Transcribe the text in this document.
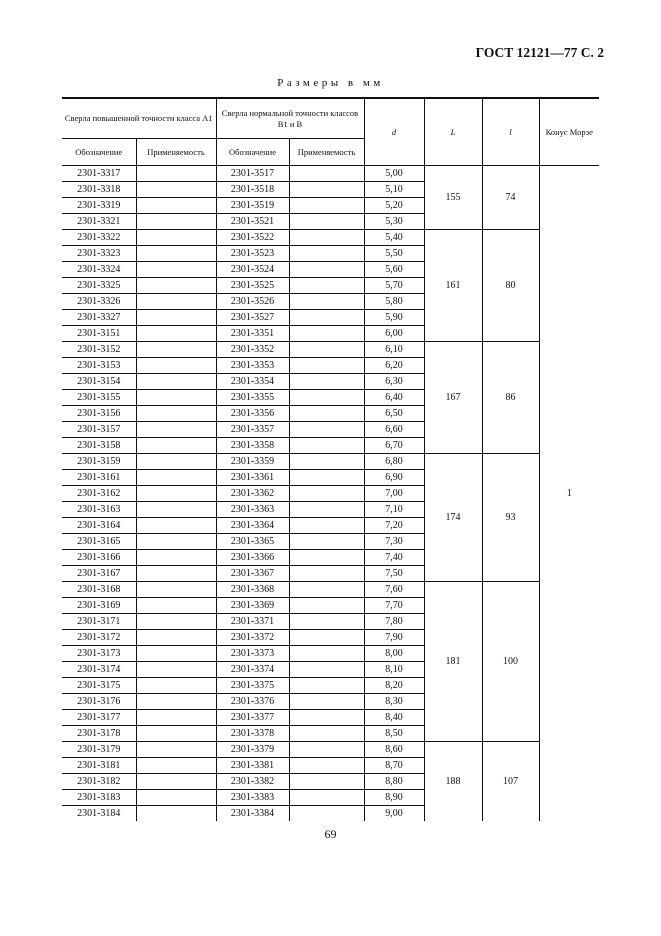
ГОСТ 12121—77 С. 2
Размеры в мм
Сверла повышенной точности класса А1		Сверла нормальной точности классов В1 и В		d	L	l	Конус Морзе
Обозначение	Применяемость	Обозначение	Применяемость				
2301-3317		2301-3517		5,00	155	74	1
2301-3318		2301-3518		5,10			
2301-3319		2301-3519		5,20			
2301-3321		2301-3521		5,30			
2301-3322		2301-3522		5,40	161	80	
2301-3323		2301-3523		5,50			
2301-3324		2301-3524		5,60			
2301-3325		2301-3525		5,70			
2301-3326		2301-3526		5,80			
2301-3327		2301-3527		5,90			
2301-3151		2301-3351		6,00			
2301-3152		2301-3352		6,10	167	86	
2301-3153		2301-3353		6,20			
2301-3154		2301-3354		6,30			
2301-3155		2301-3355		6,40			
2301-3156		2301-3356		6,50			
2301-3157		2301-3357		6,60			
2301-3158		2301-3358		6,70			
2301-3159		2301-3359		6,80	174	93	
2301-3161		2301-3361		6,90			
2301-3162		2301-3362		7,00			
2301-3163		2301-3363		7,10			
2301-3164		2301-3364		7,20			
2301-3165		2301-3365		7,30			
2301-3166		2301-3366		7,40			
2301-3167		2301-3367		7,50			
2301-3168		2301-3368		7,60	181	100	
2301-3169		2301-3369		7,70			
2301-3171		2301-3371		7,80			
2301-3172		2301-3372		7,90			
2301-3173		2301-3373		8,00			
2301-3174		2301-3374		8,10			
2301-3175		2301-3375		8,20			
2301-3176		2301-3376		8,30			
2301-3177		2301-3377		8,40			
2301-3178		2301-3378		8,50			
2301-3179		2301-3379		8,60	188	107	
2301-3181		2301-3381		8,70			
2301-3182		2301-3382		8,80			
2301-3183		2301-3383		8,90			
2301-3184		2301-3384		9,00			
69
